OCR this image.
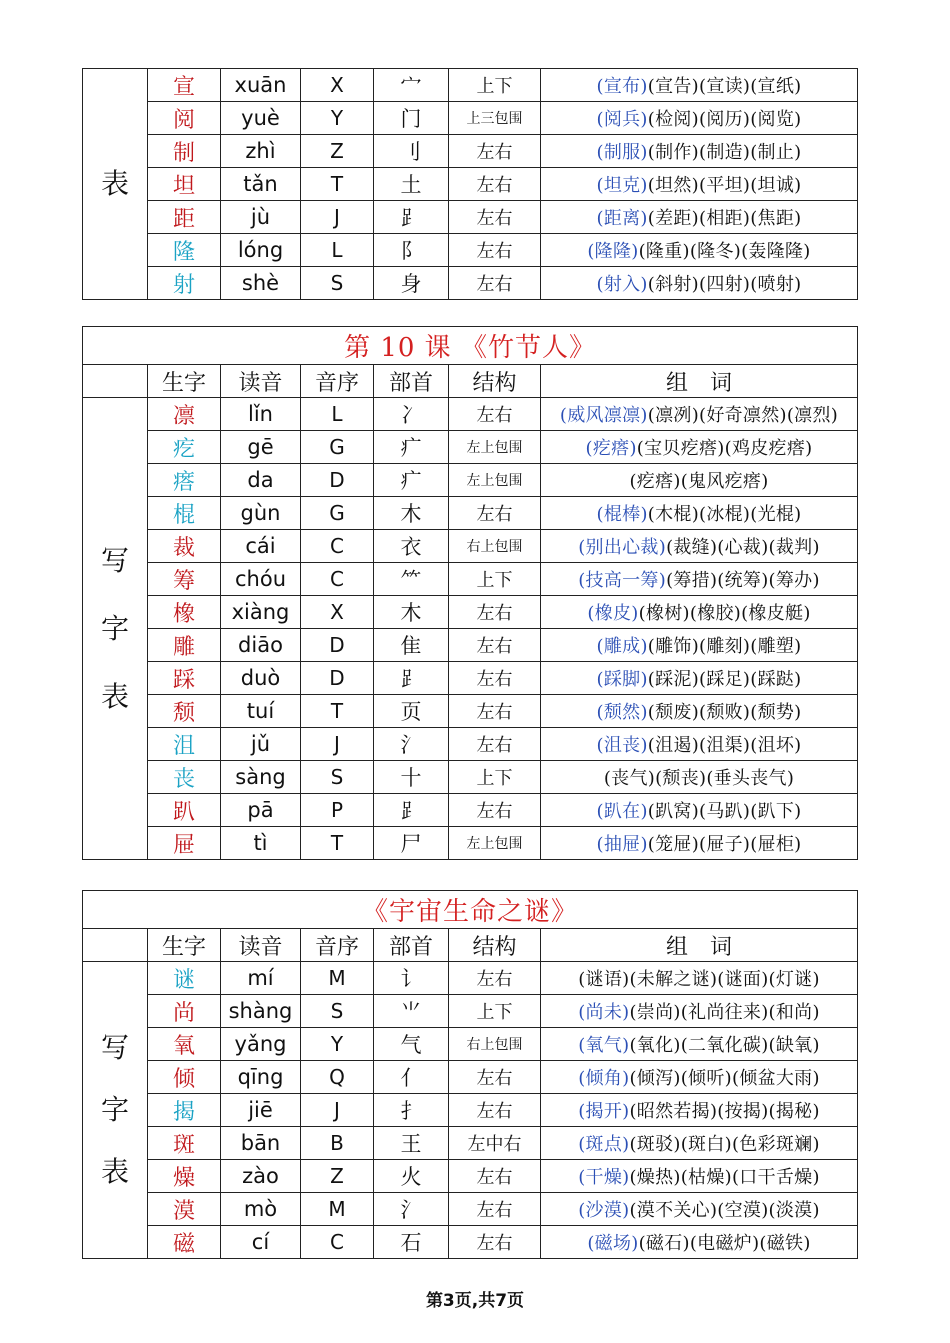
表	宣	xuān	X	宀	上下	(宣布)(宣告)(宣读)(宣纸)
	阅	yuè	Y	门	上三包围	(阅兵)(检阅)(阅历)(阅览)
	制	zhì	Z	刂	左右	(制服)(制作)(制造)(制止)
	坦	tǎn	T	土	左右	(坦克)(坦然)(平坦)(坦诚)
	距	jù	J	⻊	左右	(距离)(差距)(相距)(焦距)
	隆	lóng	L	阝	左右	(隆隆)(隆重)(隆冬)(轰隆隆)
	射	shè	S	身	左右	(射入)(斜射)(四射)(喷射)
第 10 课 《竹节人》						
	生字	读音	音序	部首	结构	组　词

写
字
表	凛	lǐn	L	冫	左右	(威风凛凛)(凛冽)(好奇凛然)(凛烈)
	疙	gē	G	疒	左上包围	(疙瘩)(宝贝疙瘩)(鸡皮疙瘩)
	瘩	da	D	疒	左上包围	(疙瘩)(鬼风疙瘩)
	棍	gùn	G	木	左右	(棍棒)(木棍)(冰棍)(光棍)
	裁	cái	C	衣	右上包围	(别出心裁)(裁缝)(心裁)(裁判)
	筹	chóu	C	⺮	上下	(技高一筹)(筹措)(统筹)(筹办)
	橡	xiàng	X	木	左右	(橡皮)(橡树)(橡胶)(橡皮艇)
	雕	diāo	D	隹	左右	(雕成)(雕饰)(雕刻)(雕塑)
	踩	duò	D	⻊	左右	(踩脚)(踩泥)(踩足)(踩跶)
	颓	tuí	T	页	左右	(颓然)(颓废)(颓败)(颓势)
	沮	jǔ	J	氵	左右	(沮丧)(沮遏)(沮渠)(沮坏)
	丧	sàng	S	十	上下	(丧气)(颓丧)(垂头丧气)
	趴	pā	P	⻊	左右	(趴在)(趴窝)(马趴)(趴下)
	屉	tì	T	尸	左上包围	(抽屉)(笼屉)(屉子)(屉柜)
《宇宙生命之谜》						
	生字	读音	音序	部首	结构	组　词

写
字
表	谜	mí	M	讠	左右	(谜语)(未解之谜)(谜面)(灯谜)
	尚	shàng	S	⺌	上下	(尚未)(崇尚)(礼尚往来)(和尚)
	氧	yǎng	Y	气	右上包围	(氧气)(氧化)(二氧化碳)(缺氧)
	倾	qīng	Q	亻	左右	(倾角)(倾泻)(倾听)(倾盆大雨)
	揭	jiē	J	扌	左右	(揭开)(昭然若揭)(按揭)(揭秘)
	斑	bān	B	王	左中右	(斑点)(斑驳)(斑白)(色彩斑斓)
	燥	zào	Z	火	左右	(干燥)(燥热)(枯燥)(口干舌燥)
	漠	mò	M	氵	左右	(沙漠)(漠不关心)(空漠)(淡漠)
	磁	cí	C	石	左右	(磁场)(磁石)(电磁炉)(磁铁)
第3页,共7页
